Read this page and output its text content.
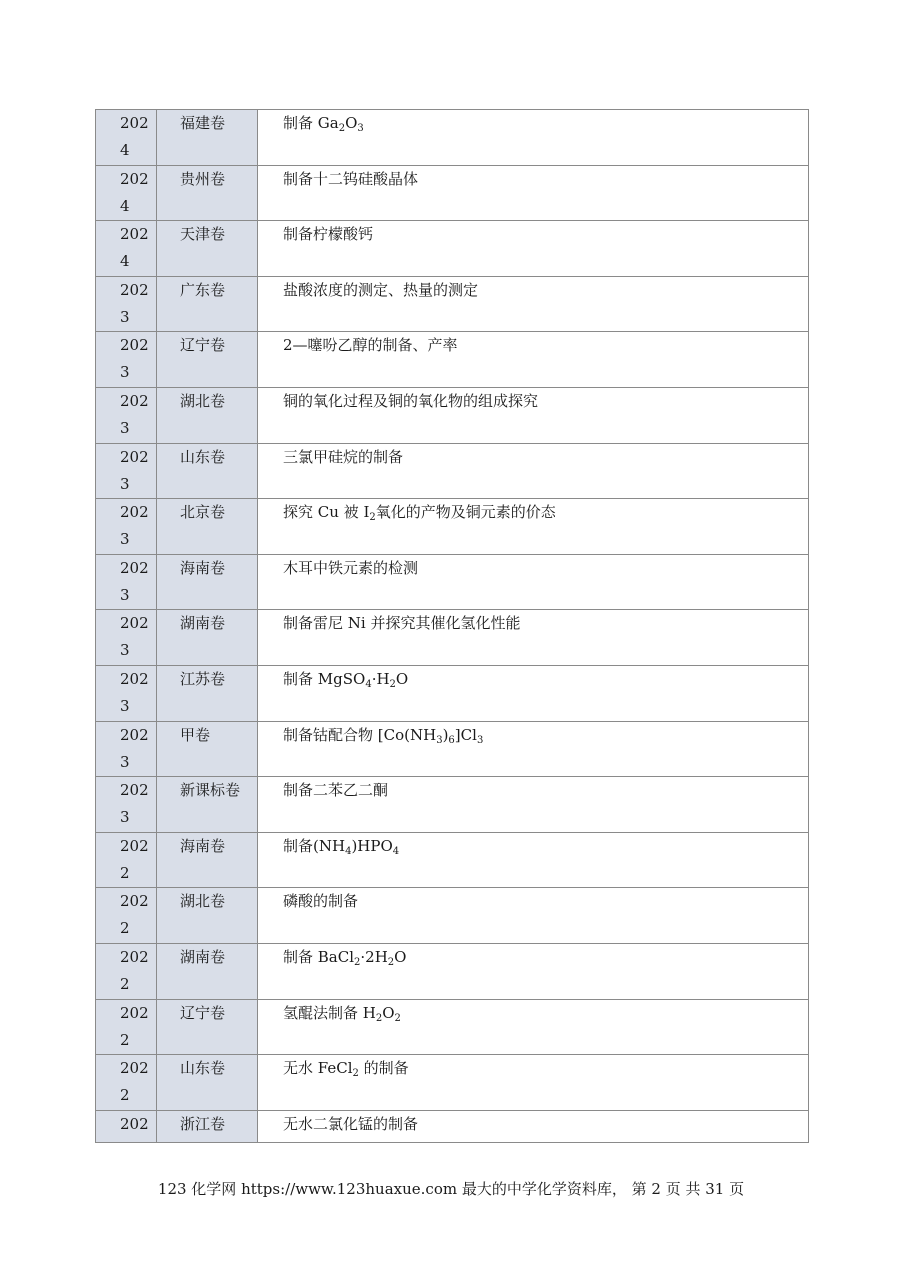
2024	福建卷	制备 $Ga_2O_3$

2024	贵州卷	制备十二钨硅酸晶体

2024	天津卷	制备柠檬酸钙

2023	广东卷	盐酸浓度的测定、热量的测定

2023	辽宁卷	2—噻吩乙醇的制备、产率

2023	湖北卷	铜的氧化过程及铜的氧化物的组成探究

2023	山东卷	三氯甲硅烷的制备

2023	北京卷	探究 Cu 被 $I_2$氧化的产物及铜元素的价态

2023	海南卷	木耳中铁元素的检测

2023	湖南卷	制备雷尼 Ni 并探究其催化氢化性能

2023	江苏卷	制备 $MgSO_4\cdot H_2O$

2023	甲卷	制备钴配合物 $[Co(NH_3)_6]Cl_3$

2023	新课标卷	制备二苯乙二酮

2022	海南卷	制备$(NH_4)HPO_4$

2022	湖北卷	磷酸的制备

2022	湖南卷	制备 $BaCl_2\cdot 2H_2O$

2022	辽宁卷	氢醌法制备 $H_2O_2$

2022	山东卷	无水 FeCl$_2$ 的制备

202	浙江卷	无水二氯化锰的制备
123 化学网 https://www.123huaxue.com 最大的中学化学资料库， 第 2 页 共 31 页
